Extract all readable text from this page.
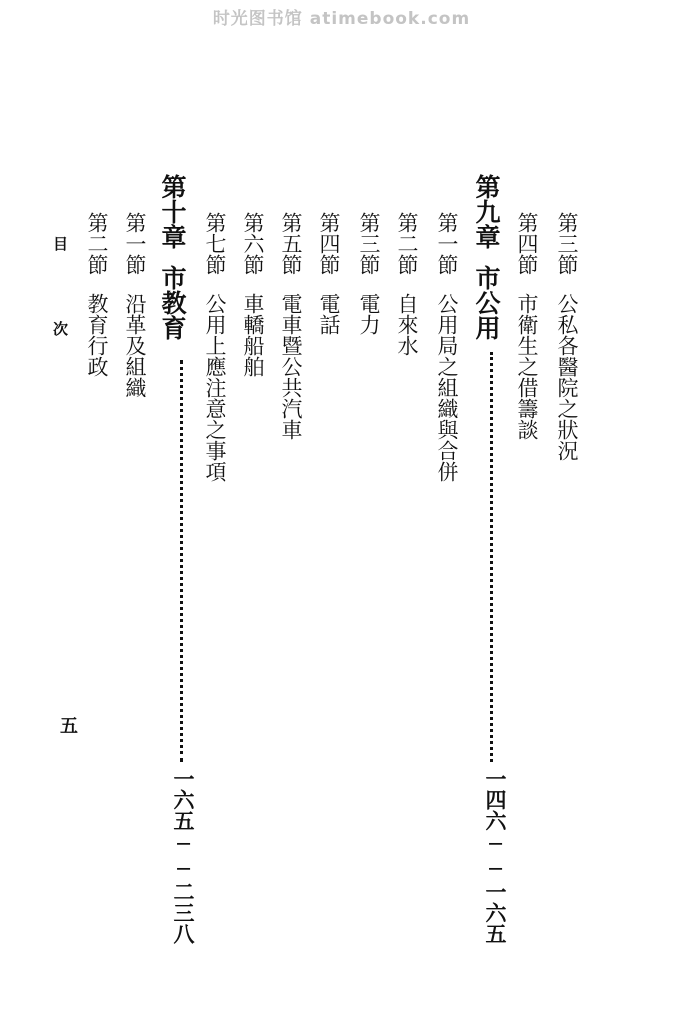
时光图书馆 atimebook.com
第三節公私各醫院之狀況
第四節市衛生之借籌談
第九章市公用
一四六──一六五
第一節公用局之組織與合併
第二節自來水
第三節電力
第四節電話
第五節電車暨公共汽車
第六節車轎船舶
第七節公用上應注意之事項
第十章市教育
一六五──二三八
第一節沿革及組織
第二節教育行政
目 次
五
